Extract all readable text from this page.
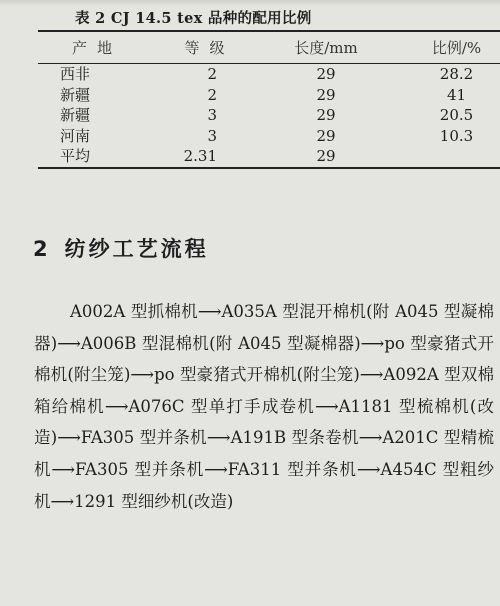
表 2 CJ 14.5 tex 品种的配用比例
产地	等级	长度/mm	比例/%
西非	2	29	28.2
新疆	2	29	41
新疆	3	29	20.5
河南	3	29	10.3
平均	2.31	29	
2 纺纱工艺流程

A002A 型抓棉机⟶A035A 型混开棉机(附 A045 型凝棉器)⟶A006B 型混棉机(附 A045 型凝棉器)⟶po 型豪猪式开棉机(附尘笼)⟶po 型豪猪式开棉机(附尘笼)⟶A092A 型双棉箱给棉机⟶A076C 型单打手成卷机⟶A1181 型梳棉机(改造)⟶FA305 型并条机⟶A191B 型条卷机⟶A201C 型精梳机⟶FA305 型并条机⟶FA311 型并条机⟶A454C 型粗纱机⟶1291 型细纱机(改造)
